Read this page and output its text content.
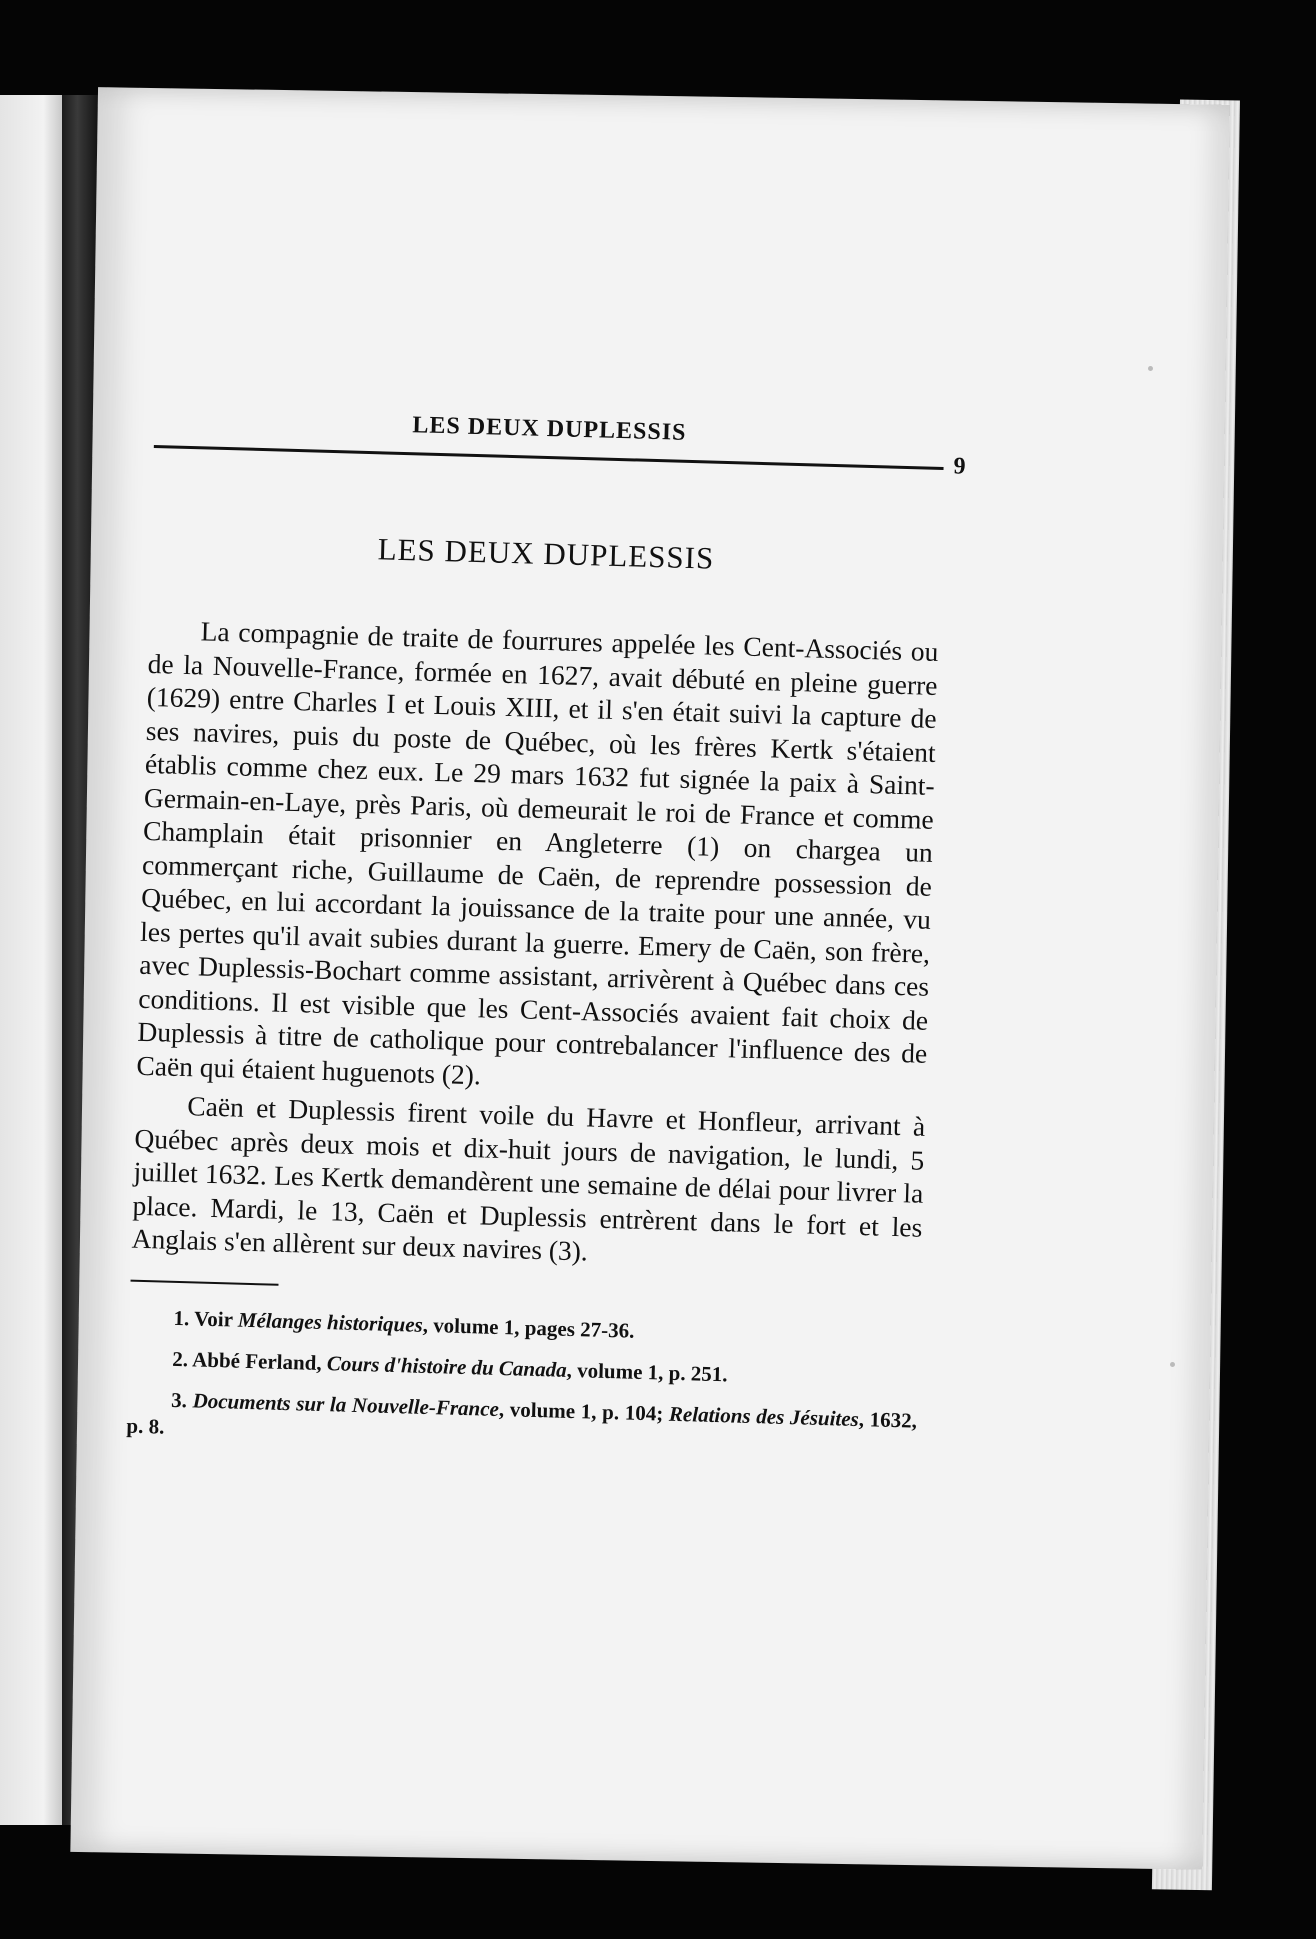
LES DEUX DUPLESSIS
9
LES DEUX DUPLESSIS

La compagnie de traite de fourrures appelée les Cent-Associés ou de la Nouvelle-France, formée en 1627, avait débuté en pleine guerre (1629) entre Charles I et Louis XIII, et il s'en était suivi la capture de ses navires, puis du poste de Québec, où les frères Kertk s'étaient établis comme chez eux. Le 29 mars 1632 fut signée la paix à Saint-Germain-en-Laye, près Paris, où demeurait le roi de France et comme Champlain était prisonnier en Angleterre (1) on chargea un commerçant riche, Guillaume de Caën, de reprendre possession de Québec, en lui accordant la jouissance de la traite pour une année, vu les pertes qu'il avait subies durant la guerre. Emery de Caën, son frère, avec Duplessis-Bochart comme assistant, arrivèrent à Québec dans ces conditions. Il est visible que les Cent-Associés avaient fait choix de Duplessis à titre de catholique pour contrebalancer l'influence des de Caën qui étaient huguenots (2).

Caën et Duplessis firent voile du Havre et Honfleur, arrivant à Québec après deux mois et dix-huit jours de navigation, le lundi, 5 juillet 1632. Les Kertk demandèrent une semaine de délai pour livrer la place. Mardi, le 13, Caën et Duplessis entrèrent dans le fort et les Anglais s'en allèrent sur deux navires (3).

1. Voir Mélanges historiques, volume 1, pages 27-36.

2. Abbé Ferland, Cours d'histoire du Canada, volume 1, p. 251.

3. Documents sur la Nouvelle-France, volume 1, p. 104; Relations des Jésuites, 1632, p. 8.
